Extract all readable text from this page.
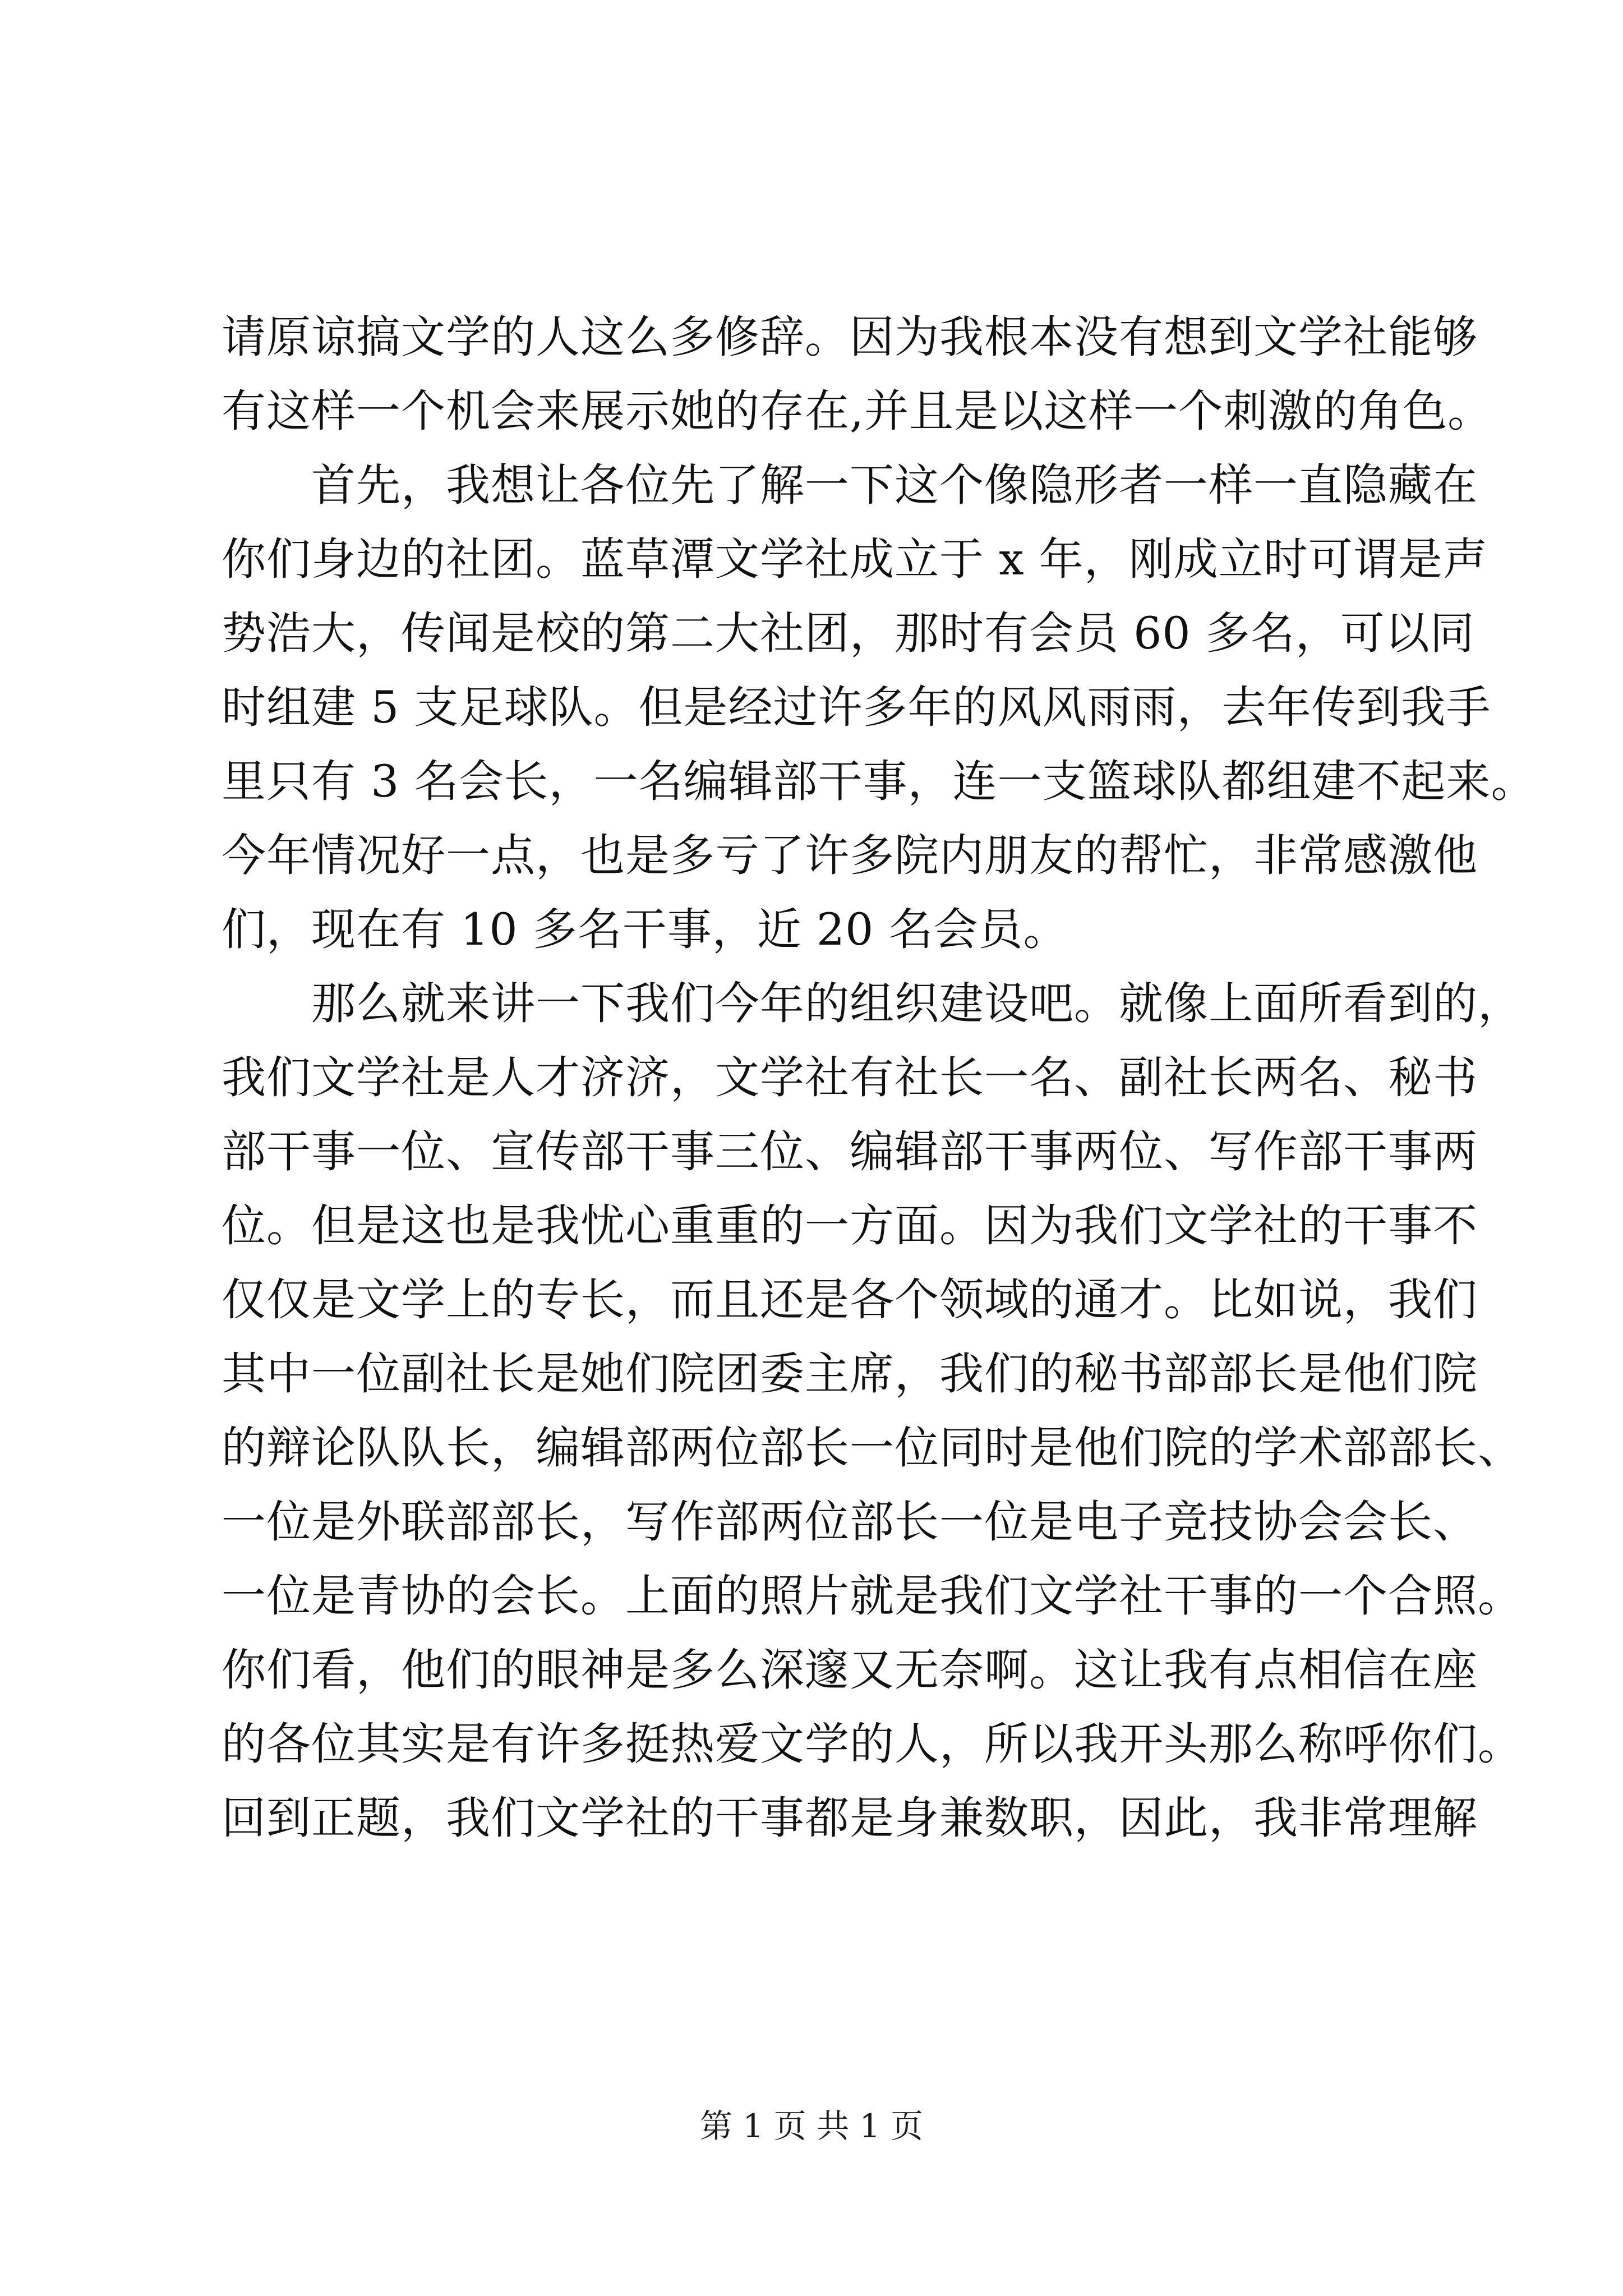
请原谅搞文学的人这么多修辞。因为我根本没有想到文学社能够
有这样一个机会来展示她的存在,并且是以这样一个刺激的角色。
首先，我想让各位先了解一下这个像隐形者一样一直隐藏在
你们身边的社团。蓝草潭文学社成立于 x 年，刚成立时可谓是声
势浩大，传闻是校的第二大社团，那时有会员 60 多名，可以同
时组建 5 支足球队。但是经过许多年的风风雨雨，去年传到我手
里只有 3 名会长，一名编辑部干事，连一支篮球队都组建不起来。
今年情况好一点，也是多亏了许多院内朋友的帮忙，非常感激他
们，现在有 10 多名干事，近 20 名会员。
那么就来讲一下我们今年的组织建设吧。就像上面所看到的，
我们文学社是人才济济，文学社有社长一名、副社长两名、秘书
部干事一位、宣传部干事三位、编辑部干事两位、写作部干事两
位。但是这也是我忧心重重的一方面。因为我们文学社的干事不
仅仅是文学上的专长，而且还是各个领域的通才。比如说，我们
其中一位副社长是她们院团委主席，我们的秘书部部长是他们院
的辩论队队长，编辑部两位部长一位同时是他们院的学术部部长、
一位是外联部部长，写作部两位部长一位是电子竞技协会会长、
一位是青协的会长。上面的照片就是我们文学社干事的一个合照。
你们看，他们的眼神是多么深邃又无奈啊。这让我有点相信在座
的各位其实是有许多挺热爱文学的人，所以我开头那么称呼你们。
回到正题，我们文学社的干事都是身兼数职，因此，我非常理解
第 1 页 共 1 页
